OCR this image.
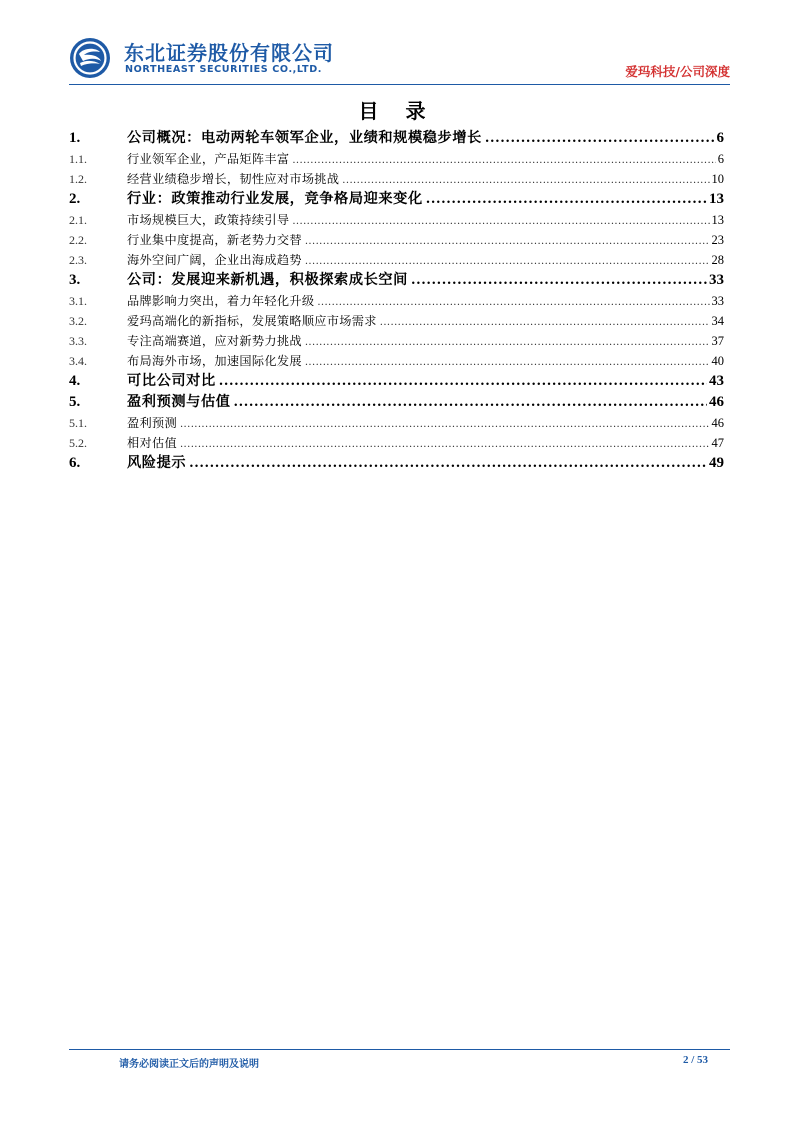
东北证券股份有限公司
NORTHEAST SECURITIES CO.,LTD.	爱玛科技/公司深度
目 录
1.	公司概况：电动两轮车领军企业，业绩和规模稳步增长 .....	6
1.1.	行业领军企业，产品矩阵丰富 .....	6
1.2.	经营业绩稳步增长，韧性应对市场挑战 .....	10
2.	行业：政策推动行业发展，竞争格局迎来变化 .....	13
2.1.	市场规模巨大，政策持续引导 .....	13
2.2.	行业集中度提高，新老势力交替 .....	23
2.3.	海外空间广阔，企业出海成趋势 .....	28
3.	公司：发展迎来新机遇，积极探索成长空间 .....	33
3.1.	品牌影响力突出，着力年轻化升级 .....	33
3.2.	爱玛高端化的新指标，发展策略顺应市场需求 .....	34
3.3.	专注高端赛道，应对新势力挑战 .....	37
3.4.	布局海外市场，加速国际化发展 .....	40
4.	可比公司对比 .....	43
5.	盈利预测与估值 .....	46
5.1.	盈利预测 .....	46
5.2.	相对估值 .....	47
6.	风险提示 .....	49
请务必阅读正文后的声明及说明	2 / 53
